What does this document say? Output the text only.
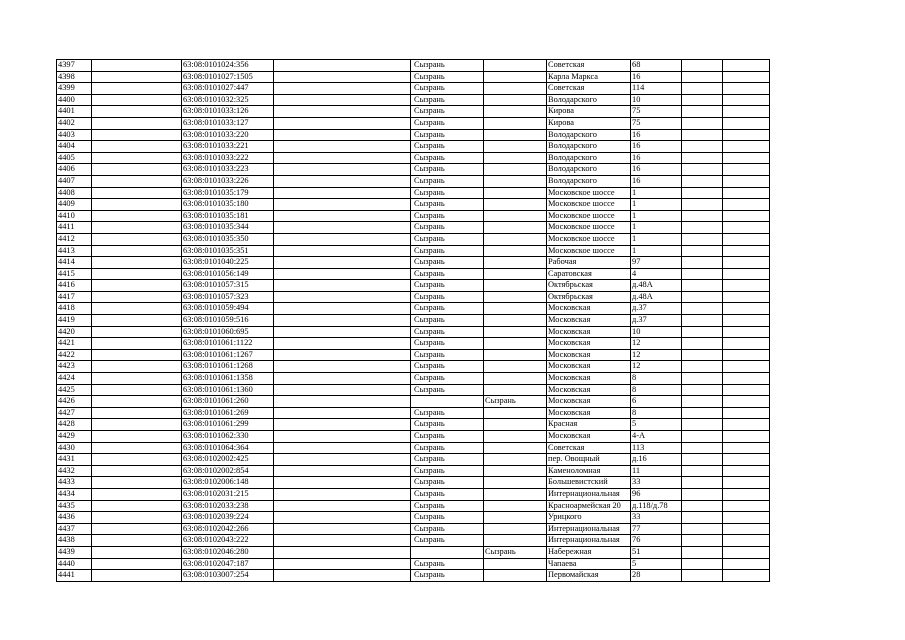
4397		63:08:0101024:356		Сызрань		Советская	68		
4398		63:08:0101027:1505		Сызрань		Карла Маркса	16		
4399		63:08:0101027:447		Сызрань		Советская	114		
4400		63:08:0101032:325		Сызрань		Володарского	10		
4401		63:08:0101033:126		Сызрань		Кирова	75		
4402		63:08:0101033:127		Сызрань		Кирова	75		
4403		63:08:0101033:220		Сызрань		Володарского	16		
4404		63:08:0101033:221		Сызрань		Володарского	16		
4405		63:08:0101033:222		Сызрань		Володарского	16		
4406		63:08:0101033:223		Сызрань		Володарского	16		
4407		63:08:0101033:226		Сызрань		Володарского	16		
4408		63:08:0101035:179		Сызрань		Московское шоссе	1		
4409		63:08:0101035:180		Сызрань		Московское шоссе	1		
4410		63:08:0101035:181		Сызрань		Московское шоссе	1		
4411		63:08:0101035:344		Сызрань		Московское шоссе	1		
4412		63:08:0101035:350		Сызрань		Московское шоссе	1		
4413		63:08:0101035:351		Сызрань		Московское шоссе	1		
4414		63:08:0101040:225		Сызрань		Рабочая	97		
4415		63:08:0101056:149		Сызрань		Саратовская	4		
4416		63:08:0101057:315		Сызрань		Октябрьская	д.48А		
4417		63:08:0101057:323		Сызрань		Октябрьская	д.48А		
4418		63:08:0101059:494		Сызрань		Московская	д.37		
4419		63:08:0101059:516		Сызрань		Московская	д.37		
4420		63:08:0101060:695		Сызрань		Московская	10		
4421		63:08:0101061:1122		Сызрань		Московская	12		
4422		63:08:0101061:1267		Сызрань		Московская	12		
4423		63:08:0101061:1268		Сызрань		Московская	12		
4424		63:08:0101061:1358		Сызрань		Московская	8		
4425		63:08:0101061:1360		Сызрань		Московская	8		
4426		63:08:0101061:260			Сызрань	Московская	6		
4427		63:08:0101061:269		Сызрань		Московская	8		
4428		63:08:0101061:299		Сызрань		Красная	5		
4429		63:08:0101062:330		Сызрань		Московская	4-А		
4430		63:08:0101064:364		Сызрань		Советская	113		
4431		63:08:0102002:425		Сызрань		пер. Овощный	д.16		
4432		63:08:0102002:854		Сызрань		Каменоломная	11		
4433		63:08:0102006:148		Сызрань		Большевистский	33		
4434		63:08:0102031:215		Сызрань		Интернациональная	96		
4435		63:08:0102033:238		Сызрань		Красноармейская 20	д.118/д.78		
4436		63:08:0102039:224		Сызрань		Урицкого	33		
4437		63:08:0102042:266		Сызрань		Интернациональная	77		
4438		63:08:0102043:222		Сызрань		Интернациональная	76		
4439		63:08:0102046:280			Сызрань	Набережная	51		
4440		63:08:0102047:187		Сызрань		Чапаева	5		
4441		63:08:0103007:254		Сызрань		Первомайская	28		
